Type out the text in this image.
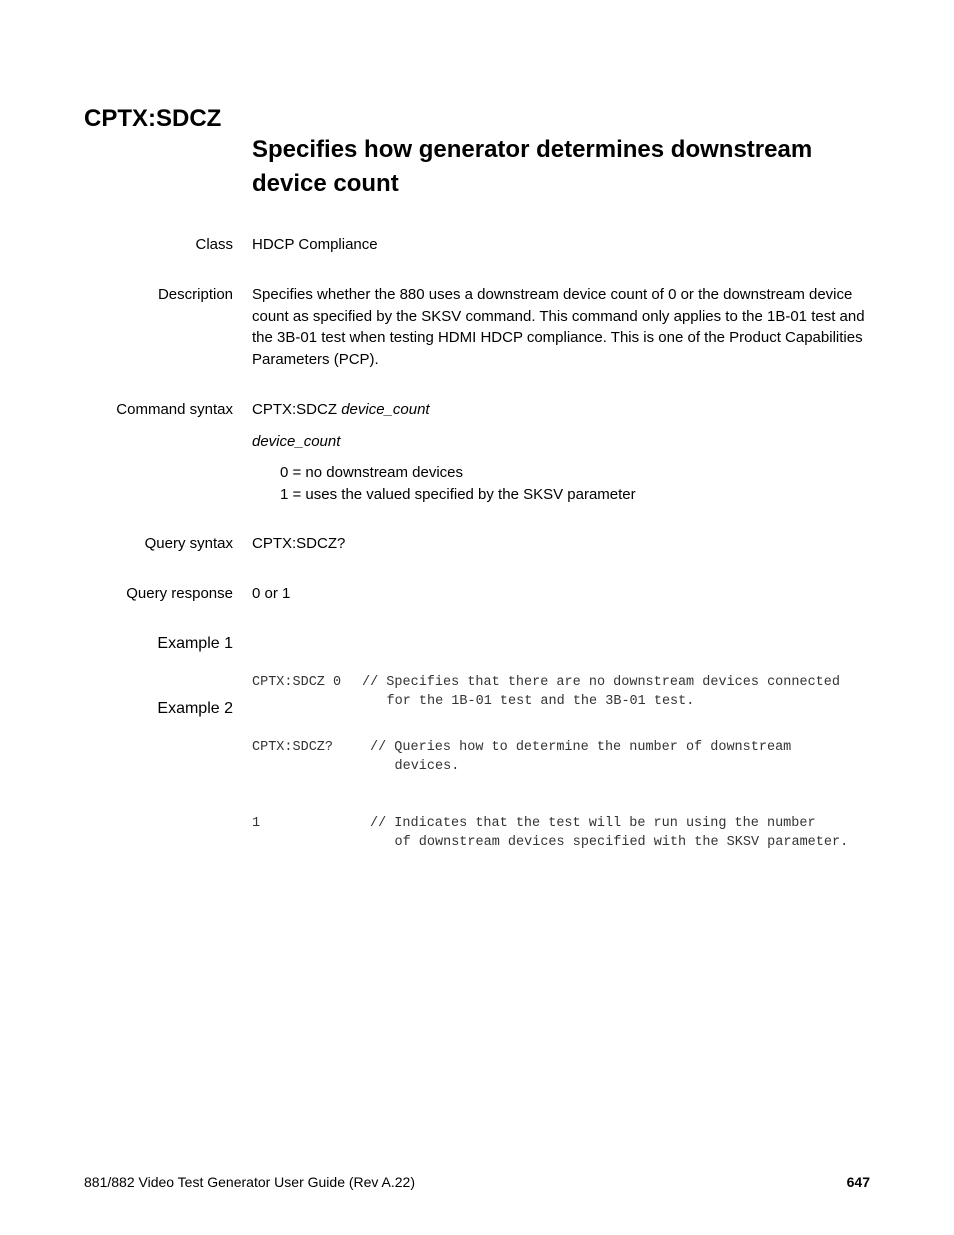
CPTX:SDCZ
Specifies how generator determines downstream device count
Class HDCP Compliance
Description Specifies whether the 880 uses a downstream device count of 0 or the downstream device count as specified by the SKSV command. This command only applies to the 1B-01 test and the 3B-01 test when testing HDMI HDCP compliance. This is one of the Product Capabilities Parameters (PCP).
Command syntax CPTX:SDCZ device_count

device_count

0 = no downstream devices

1 = uses the valued specified by the SKSV parameter

Query syntax CPTX:SDCZ?
Query response 0 or 1
Example 1

CPTX:SDCZ 0	// Specifies that there are no downstream devices connected
for the 1B-01 test and the 3B-01 test.

Example 2

CPTX:SDCZ?	// Queries how to determine the number of downstream
devices.

1	// Indicates that the test will be run using the number
of downstream devices specified with the SKSV parameter.

881/882 Video Test Generator User Guide (Rev A.22)	647
